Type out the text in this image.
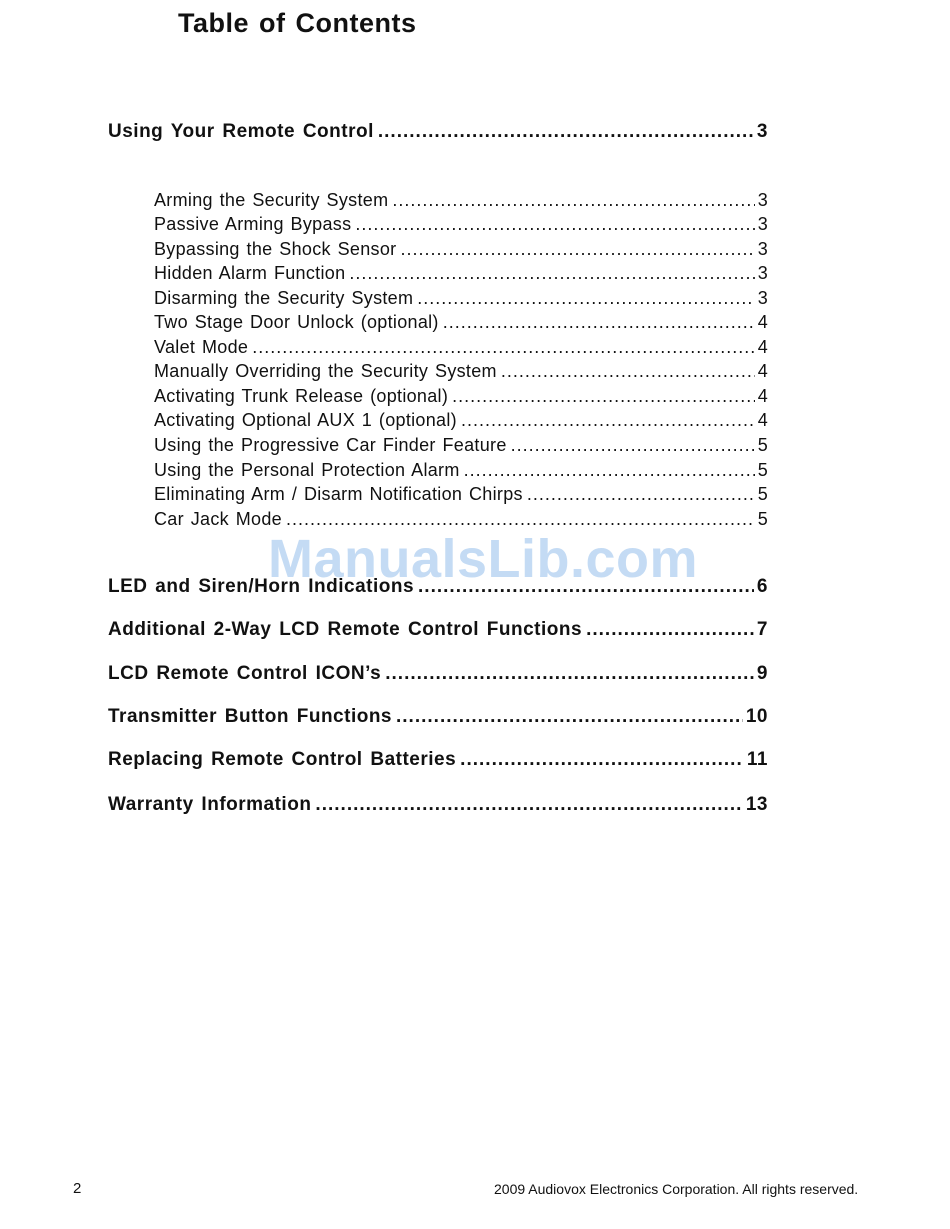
Table of Contents
Using Your Remote Control .....	3
Arming the Security System .....	3
Passive Arming Bypass .....	3
Bypassing the Shock Sensor .....	3
Hidden Alarm Function .....	3
Disarming the Security System .....	3
Two Stage Door Unlock (optional) .....	4
Valet Mode .....	4
Manually Overriding the Security System .....	4
Activating Trunk Release (optional) .....	4
Activating Optional AUX 1 (optional) .....	4
Using the Progressive Car Finder Feature .....	5
Using the Personal Protection Alarm .....	5
Eliminating Arm / Disarm Notification Chirps .....	5
Car Jack Mode .....	5
ManualsLib.com
LED and Siren/Horn Indications .....	6
Additional 2-Way LCD Remote Control Functions .....	7
LCD Remote Control ICON’s .....	9
Transmitter Button Functions .....	10
Replacing Remote Control Batteries .....	11
Warranty Information .....	13
2	2009 Audiovox Electronics Corporation. All rights reserved.
